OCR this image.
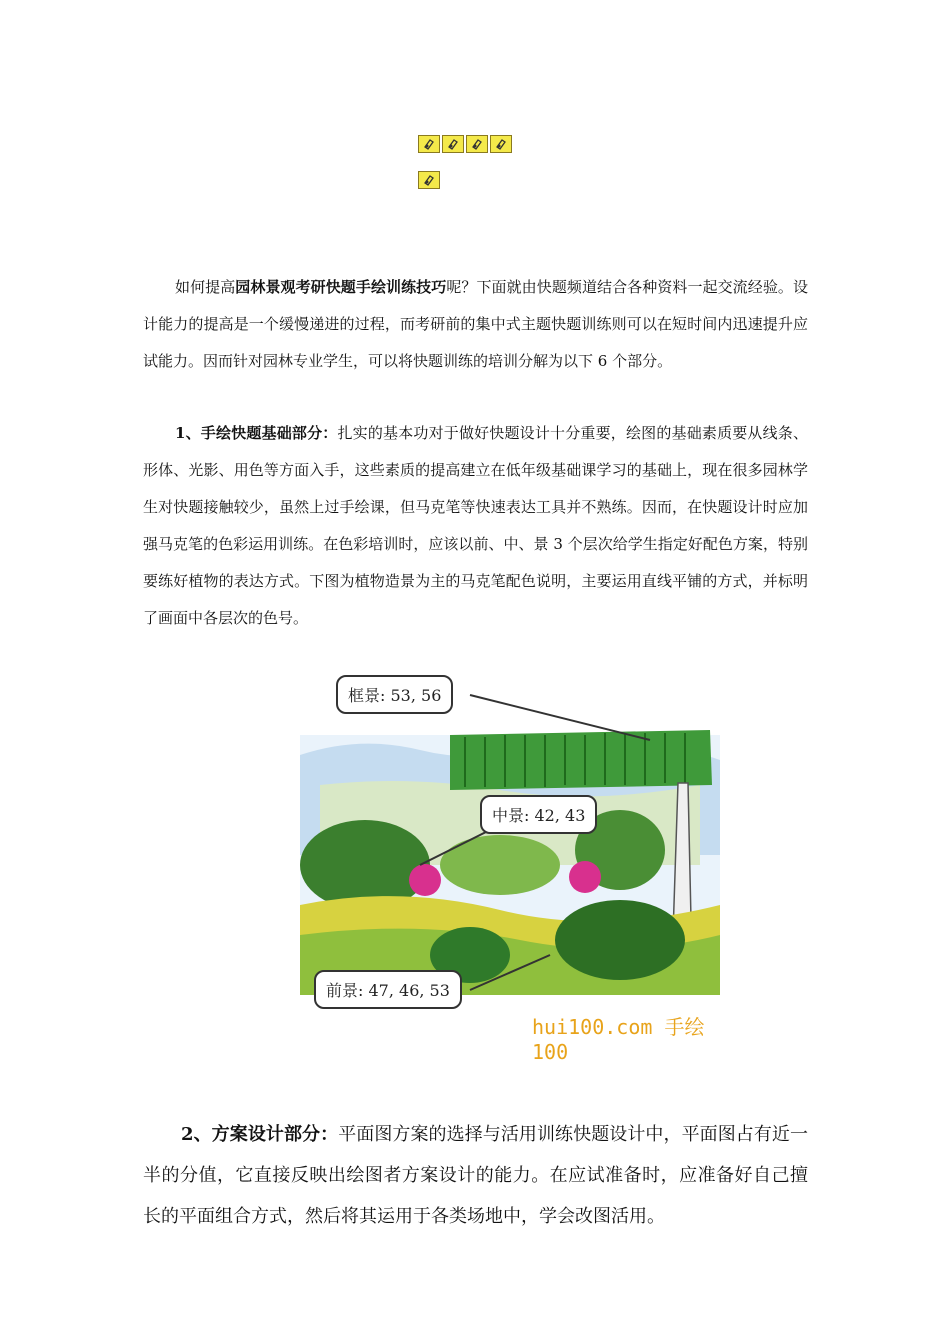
如何提高园林景观考研快题手绘训练技巧呢？下面就由快题频道结合各种资料一起交流经验。设计能力的提高是一个缓慢递进的过程，而考研前的集中式主题快题训练则可以在短时间内迅速提升应试能力。因而针对园林专业学生，可以将快题训练的培训分解为以下 6 个部分。

1、手绘快题基础部分：扎实的基本功对于做好快题设计十分重要，绘图的基础素质要从线条、形体、光影、用色等方面入手，这些素质的提高建立在低年级基础课学习的基础上，现在很多园林学生对快题接触较少，虽然上过手绘课，但马克笔等快速表达工具并不熟练。因而，在快题设计时应加强马克笔的色彩运用训练。在色彩培训时，应该以前、中、景 3 个层次给学生指定好配色方案，特别要练好植物的表达方式。下图为植物造景为主的马克笔配色说明，主要运用直线平铺的方式，并标明了画面中各层次的色号。

框景: 53, 56
中景: 42, 43
前景: 47, 46, 53
hui100.com 手绘100

2、方案设计部分：平面图方案的选择与活用训练快题设计中，平面图占有近一半的分值，它直接反映出绘图者方案设计的能力。在应试准备时，应准备好自己擅长的平面组合方式，然后将其运用于各类场地中，学会改图活用。
